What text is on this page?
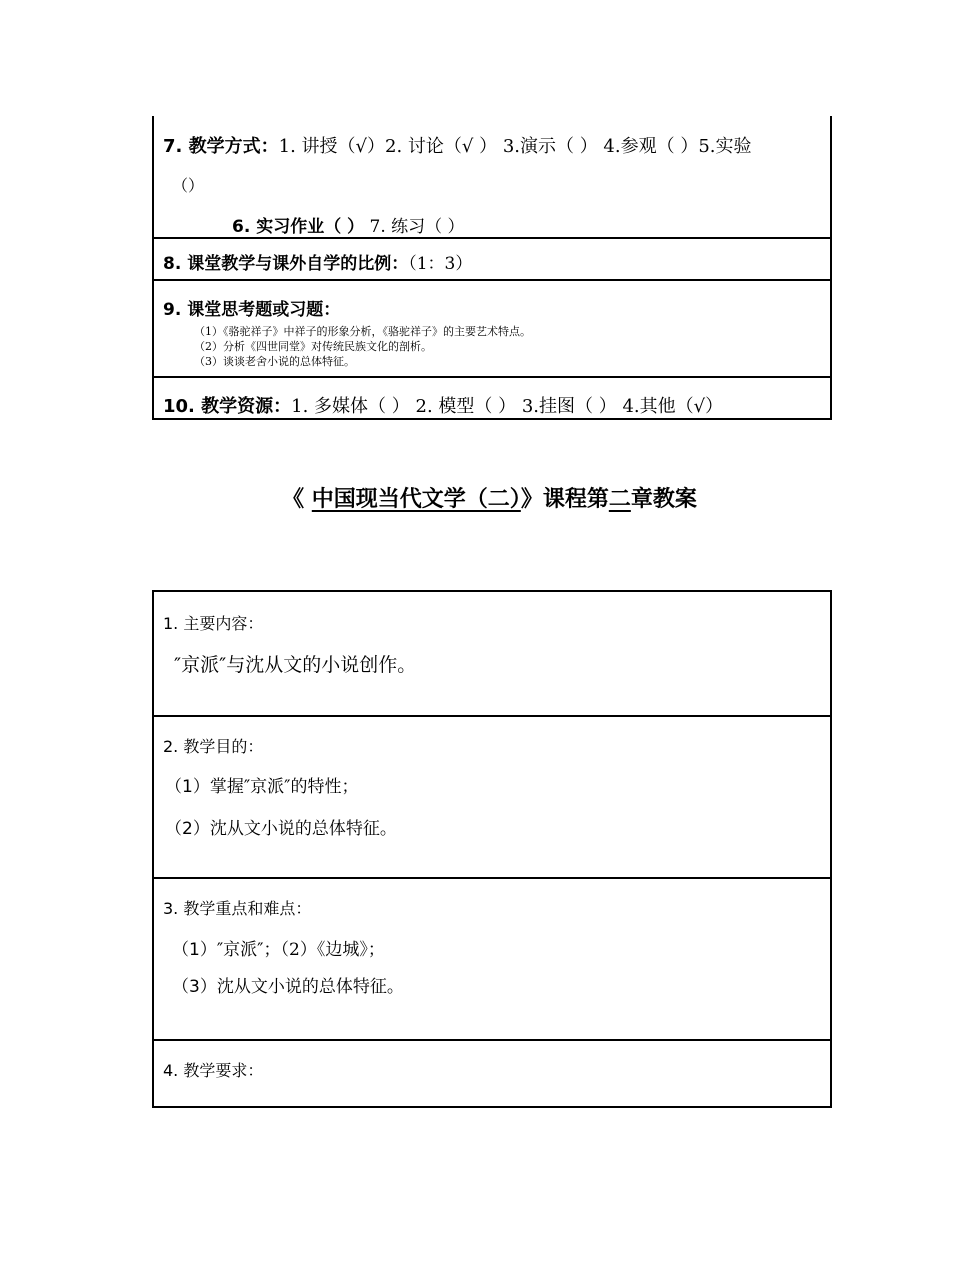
7. 教学方式：1. 讲授（√）2. 讨论（√ ） 3.演示（ ） 4.参观（ ）5.实验
（）
6. 实习作业（ ） 7. 练习（ ）
8. 课堂教学与课外自学的比例：（1：3）
9. 课堂思考题或习题：
（1）《骆驼祥子》中祥子的形象分析，《骆驼祥子》的主要艺术特点。
（2）分析《四世同堂》对传统民族文化的剖析。
（3）谈谈老舍小说的总体特征。
10. 教学资源：1. 多媒体（ ） 2. 模型（ ） 3.挂图（ ） 4.其他（√）
《 中国现当代文学（二）》课程第二章教案
1. 主要内容：
″京派″与沈从文的小说创作。
2. 教学目的：
（1）掌握″京派″的特性；
（2）沈从文小说的总体特征。
3. 教学重点和难点：
（1）″京派″；（2）《边城》；
（3）沈从文小说的总体特征。
4. 教学要求：
